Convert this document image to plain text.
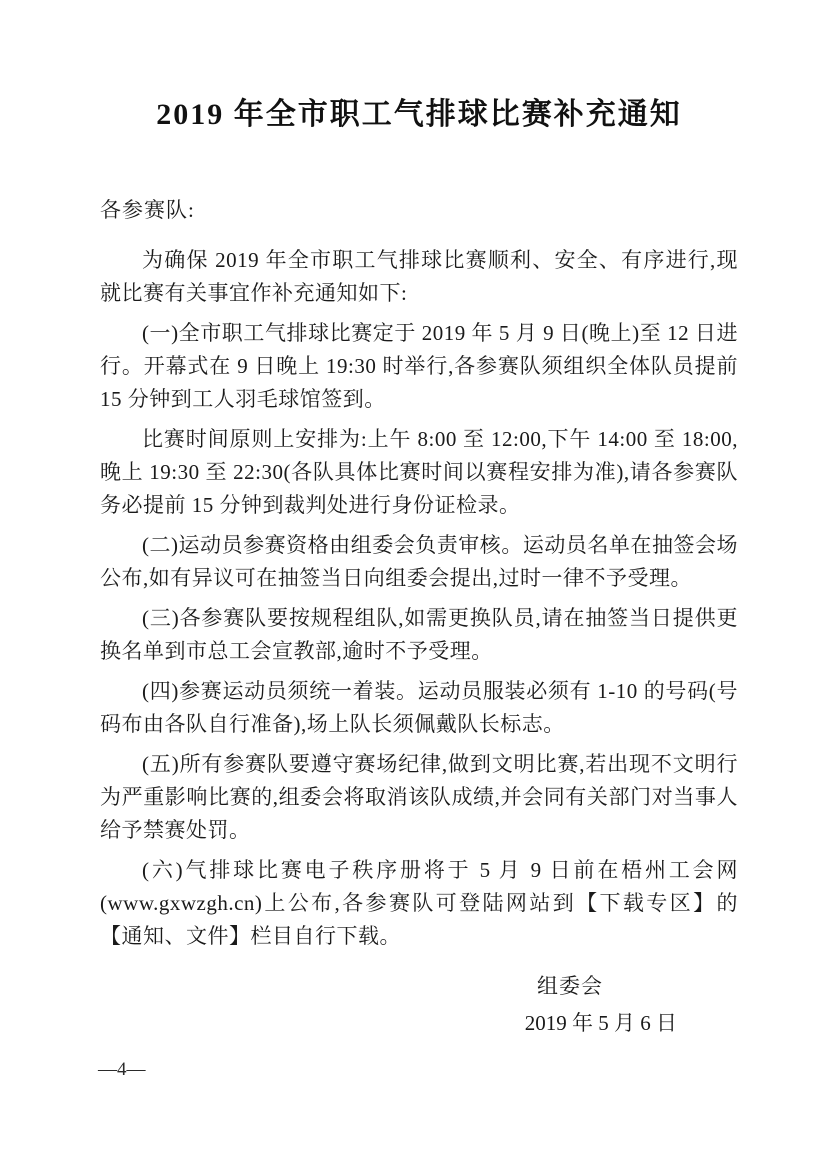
2019 年全市职工气排球比赛补充通知

各参赛队:

为确保 2019 年全市职工气排球比赛顺利、安全、有序进行,现就比赛有关事宜作补充通知如下:

(一)全市职工气排球比赛定于 2019 年 5 月 9 日(晚上)至 12 日进行。开幕式在 9 日晚上 19:30 时举行,各参赛队须组织全体队员提前 15 分钟到工人羽毛球馆签到。

比赛时间原则上安排为:上午 8:00 至 12:00,下午 14:00 至 18:00,晚上 19:30 至 22:30(各队具体比赛时间以赛程安排为准),请各参赛队务必提前 15 分钟到裁判处进行身份证检录。

(二)运动员参赛资格由组委会负责审核。运动员名单在抽签会场公布,如有异议可在抽签当日向组委会提出,过时一律不予受理。

(三)各参赛队要按规程组队,如需更换队员,请在抽签当日提供更换名单到市总工会宣教部,逾时不予受理。

(四)参赛运动员须统一着装。运动员服装必须有 1-10 的号码(号码布由各队自行准备),场上队长须佩戴队长标志。

(五)所有参赛队要遵守赛场纪律,做到文明比赛,若出现不文明行为严重影响比赛的,组委会将取消该队成绩,并会同有关部门对当事人给予禁赛处罚。

(六)气排球比赛电子秩序册将于 5 月 9 日前在梧州工会网(www.gxwzgh.cn)上公布,各参赛队可登陆网站到【下载专区】的【通知、文件】栏目自行下载。

组委会
2019 年 5 月 6 日
—4—
